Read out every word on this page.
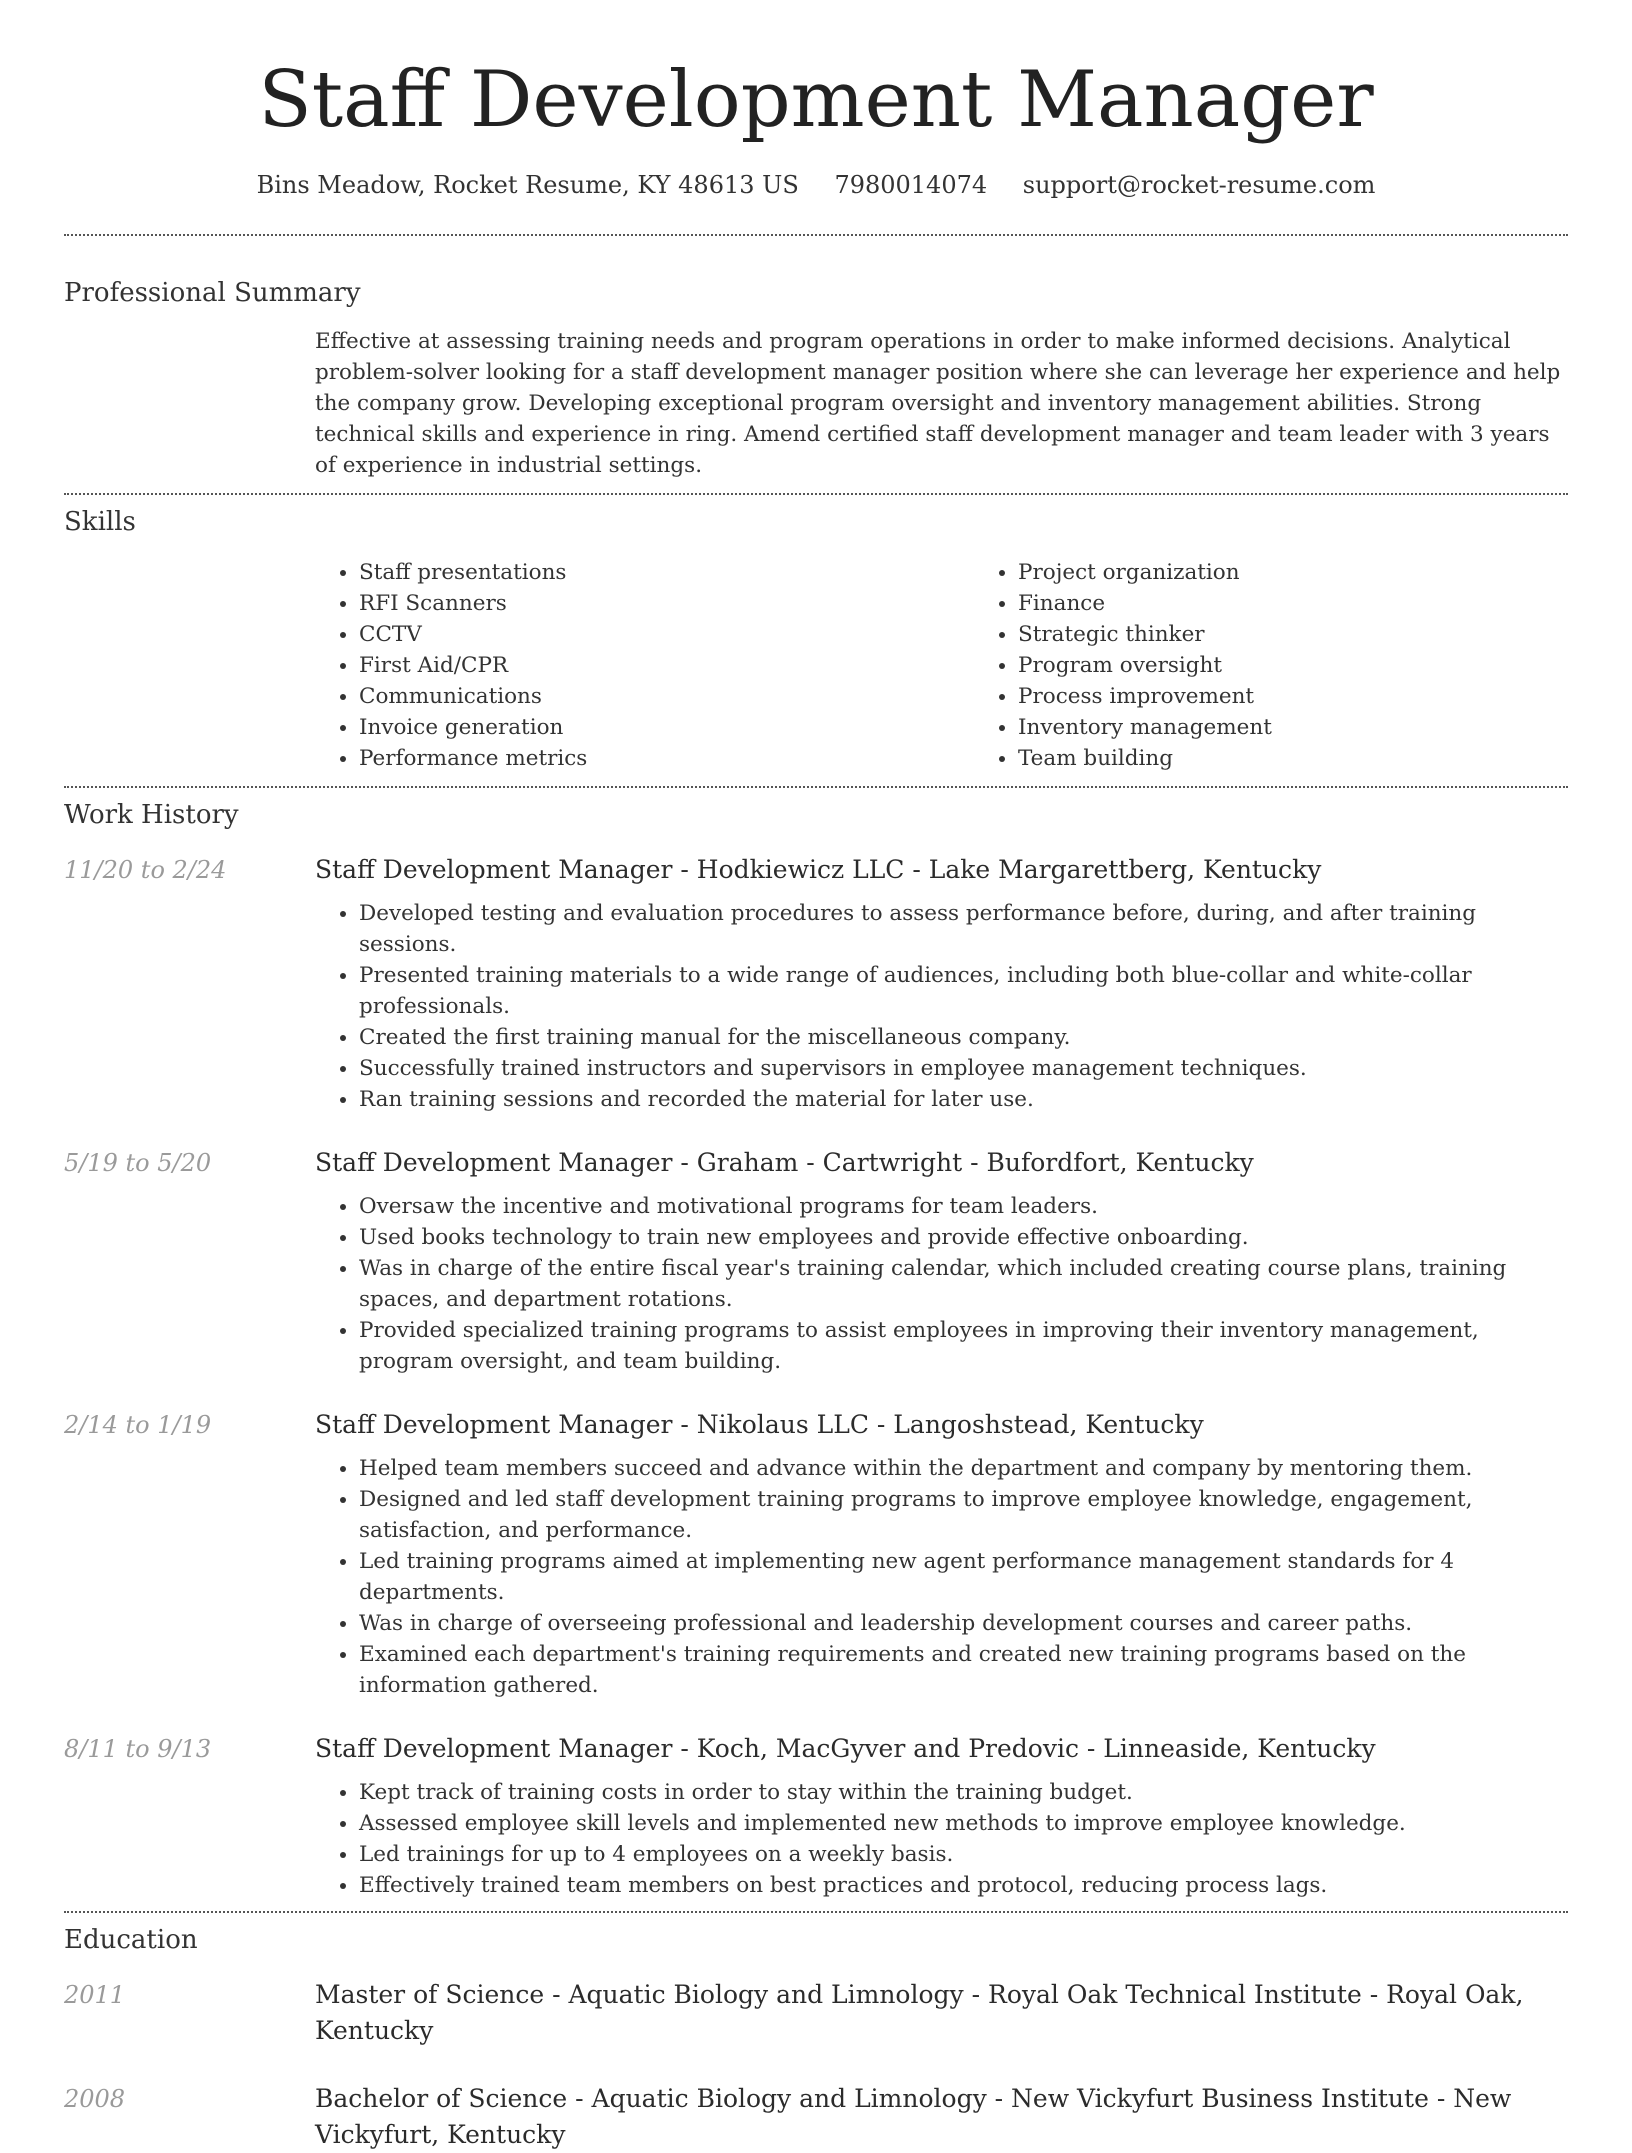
Staff Development Manager
Bins Meadow, Rocket Resume, KY 48613 US 7980014074 support@rocket-resume.com
Professional Summary
Effective at assessing training needs and program operations in order to make informed decisions. Analytical problem-solver looking for a staff development manager position where she can leverage her experience and help the company grow. Developing exceptional program oversight and inventory management abilities. Strong technical skills and experience in ring. Amend certified staff development manager and team leader with 3 years of experience in industrial settings.
Skills
• Staff presentations
• RFI Scanners
• CCTV
• First Aid/CPR
• Communications
• Invoice generation
• Performance metrics
• Project organization
• Finance
• Strategic thinker
• Program oversight
• Process improvement
• Inventory management
• Team building
Work History
11/20 to 2/24	Staff Development Manager - Hodkiewicz LLC - Lake Margarettberg, Kentucky
• Developed testing and evaluation procedures to assess performance before, during, and after training sessions.
• Presented training materials to a wide range of audiences, including both blue-collar and white-collar professionals.
• Created the first training manual for the miscellaneous company.
• Successfully trained instructors and supervisors in employee management techniques.
• Ran training sessions and recorded the material for later use.
5/19 to 5/20	Staff Development Manager - Graham - Cartwright - Bufordfort, Kentucky
• Oversaw the incentive and motivational programs for team leaders.
• Used books technology to train new employees and provide effective onboarding.
• Was in charge of the entire fiscal year's training calendar, which included creating course plans, training spaces, and department rotations.
• Provided specialized training programs to assist employees in improving their inventory management, program oversight, and team building.
2/14 to 1/19	Staff Development Manager - Nikolaus LLC - Langoshstead, Kentucky
• Helped team members succeed and advance within the department and company by mentoring them.
• Designed and led staff development training programs to improve employee knowledge, engagement, satisfaction, and performance.
• Led training programs aimed at implementing new agent performance management standards for 4 departments.
• Was in charge of overseeing professional and leadership development courses and career paths.
• Examined each department's training requirements and created new training programs based on the information gathered.
8/11 to 9/13	Staff Development Manager - Koch, MacGyver and Predovic - Linneaside, Kentucky
• Kept track of training costs in order to stay within the training budget.
• Assessed employee skill levels and implemented new methods to improve employee knowledge.
• Led trainings for up to 4 employees on a weekly basis.
• Effectively trained team members on best practices and protocol, reducing process lags.
Education
2011	Master of Science - Aquatic Biology and Limnology - Royal Oak Technical Institute - Royal Oak, Kentucky
2008	Bachelor of Science - Aquatic Biology and Limnology - New Vickyfurt Business Institute - New Vickyfurt, Kentucky
